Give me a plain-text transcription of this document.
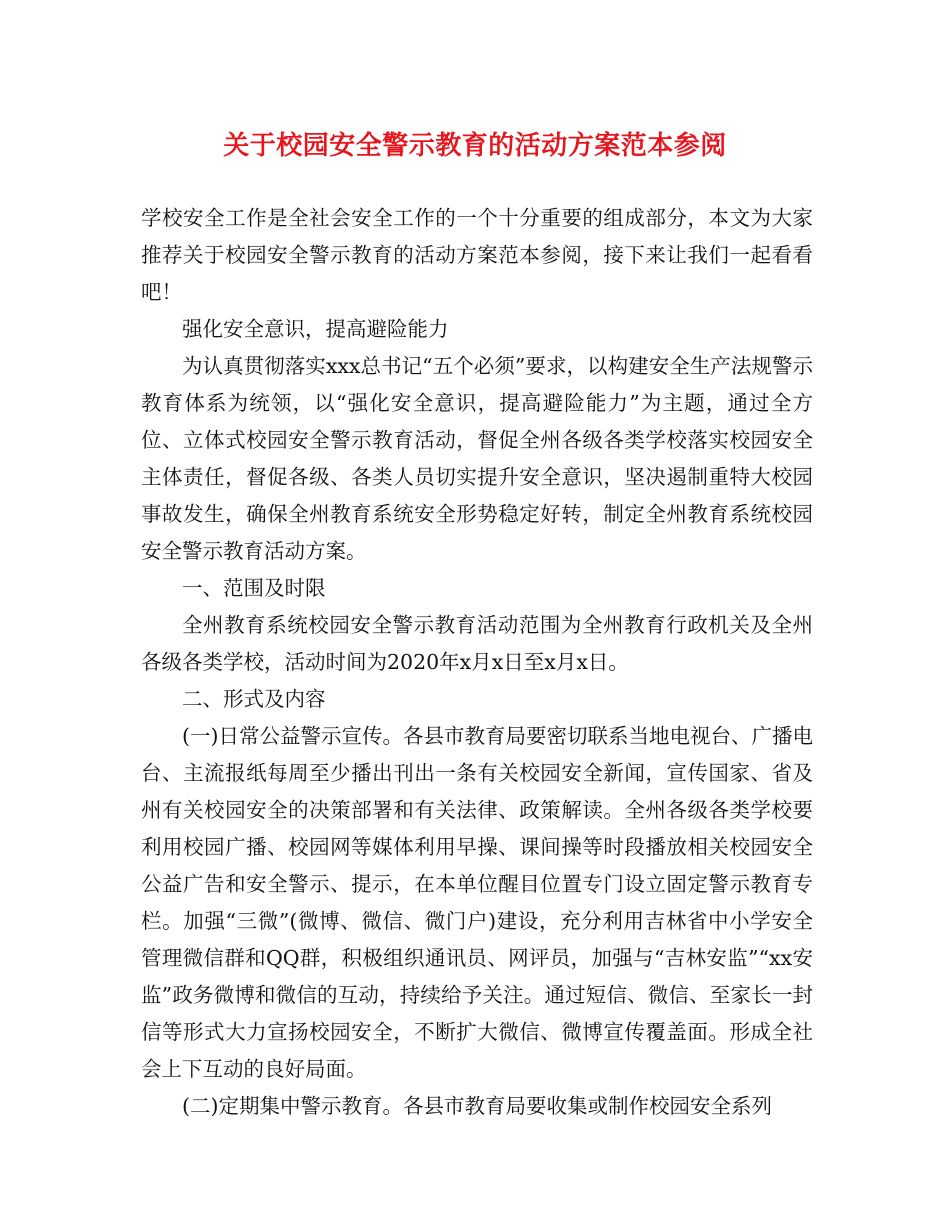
关于校园安全警示教育的活动方案范本参阅

学校安全工作是全社会安全工作的一个十分重要的组成部分，本文为大家推荐关于校园安全警示教育的活动方案范本参阅，接下来让我们一起看看吧！

强化安全意识，提高避险能力

为认真贯彻落实xxx总书记“五个必须”要求，以构建安全生产法规警示教育体系为统领，以“强化安全意识，提高避险能力”为主题，通过全方位、立体式校园安全警示教育活动，督促全州各级各类学校落实校园安全主体责任，督促各级、各类人员切实提升安全意识，坚决遏制重特大校园事故发生，确保全州教育系统安全形势稳定好转，制定全州教育系统校园安全警示教育活动方案。

一、范围及时限

全州教育系统校园安全警示教育活动范围为全州教育行政机关及全州各级各类学校，活动时间为2020年x月x日至x月x日。

二、形式及内容

(一)日常公益警示宣传。各县市教育局要密切联系当地电视台、广播电台、主流报纸每周至少播出刊出一条有关校园安全新闻，宣传国家、省及州有关校园安全的决策部署和有关法律、政策解读。全州各级各类学校要利用校园广播、校园网等媒体利用早操、课间操等时段播放相关校园安全公益广告和安全警示、提示，在本单位醒目位置专门设立固定警示教育专栏。加强“三微”(微博、微信、微门户)建设，充分利用吉林省中小学安全管理微信群和QQ群，积极组织通讯员、网评员，加强与“吉林安监”“xx安监”政务微博和微信的互动，持续给予关注。通过短信、微信、至家长一封信等形式大力宣扬校园安全，不断扩大微信、微博宣传覆盖面。形成全社会上下互动的良好局面。

(二)定期集中警示教育。各县市教育局要收集或制作校园安全系列
